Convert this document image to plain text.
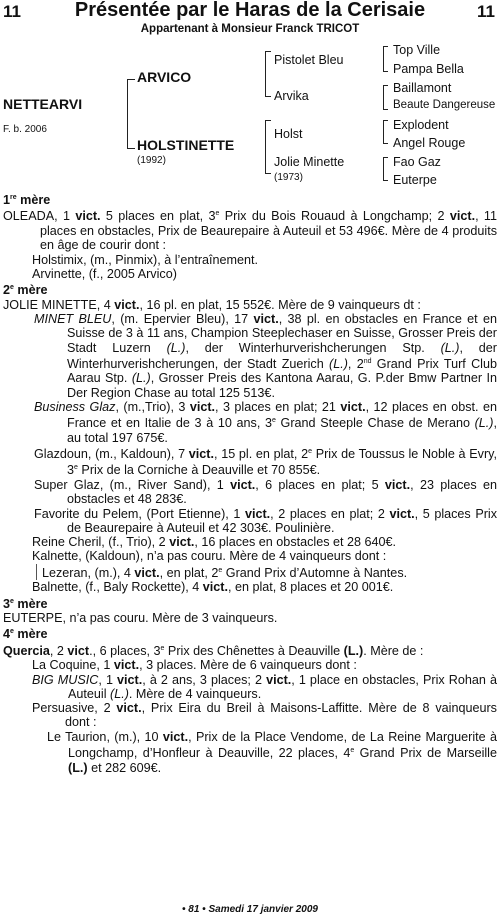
11	Présentée par le Haras de la Cerisaie	11
Appartenant à Monsieur Franck TRICOT
NETTEARVI
F. b. 2006
ARVICO
HOLSTINETTE
(1992)
Pistolet Bleu
Arvika
Holst
Jolie Minette
(1973)
Top Ville
Pampa Bella
Baillamont
Beaute Dangereuse
Explodent
Angel Rouge
Fao Gaz
Euterpe

1re mère

OLEADA, 1 vict. 5 places en plat, 3e Prix du Bois Rouaud à Longchamp; 2 vict., 11 places en obstacles, Prix de Beaurepaire à Auteuil et 53 496€. Mère de 4 produits en âge de courir dont :

Holstimix, (m., Pinmix), à l’entraînement.

Arvinette, (f., 2005 Arvico)

2e mère

JOLIE MINETTE, 4 vict., 16 pl. en plat, 15 552€. Mère de 9 vainqueurs dt :

MINET BLEU, (m. Epervier Bleu), 17 vict., 38 pl. en obstacles en France et en Suisse de 3 à 11 ans, Champion Steeplechaser en Suisse, Grosser Preis der Stadt Luzern (L.), der Winterhurverishcherungen Stp. (L.), der Winterhurverishcherungen, der Stadt Zuerich (L.), 2nd Grand Prix Turf Club Aarau Stp. (L.), Grosser Preis des Kantona Aarau, G. P.der Bmw Partner In Der Region Chase au total 125 513€.

Business Glaz, (m.,Trio), 3 vict., 3 places en plat; 21 vict., 12 places en obst. en France et en Italie de 3 à 10 ans, 3e Grand Steeple Chase de Merano (L.), au total 197 675€.

Glazdoun, (m., Kaldoun), 7 vict., 15 pl. en plat, 2e Prix de Toussus le Noble à Evry, 3e Prix de la Corniche à Deauville et 70 855€.

Super Glaz, (m., River Sand), 1 vict., 6 places en plat; 5 vict., 23 places en obstacles et 48 283€.

Favorite du Pelem, (Port Etienne), 1 vict., 2 places en plat; 2 vict., 5 places Prix de Beaurepaire à Auteuil et 42 303€. Poulinière.

Reine Cheril, (f., Trio), 2 vict., 16 places en obstacles et 28 640€.

Kalnette, (Kaldoun), n’a pas couru. Mère de 4 vainqueurs dont :

Lezeran, (m.), 4 vict., en plat, 2e Grand Prix d’Automne à Nantes.

Balnette, (f., Baly Rockette), 4 vict., en plat, 8 places et 20 001€.

3e mère

EUTERPE, n’a pas couru. Mère de 3 vainqueurs.

4e mère

Quercia, 2 vict., 6 places, 3e Prix des Chênettes à Deauville (L.). Mère de :

La Coquine, 1 vict., 3 places. Mère de 6 vainqueurs dont :

BIG MUSIC, 1 vict., à 2 ans, 3 places; 2 vict., 1 place en obstacles, Prix Rohan à Auteuil (L.). Mère de 4 vainqueurs.

Persuasive, 2 vict., Prix Eira du Breil à Maisons-Laffitte. Mère de 8 vainqueurs dont :

Le Taurion, (m.), 10 vict., Prix de la Place Vendome, de La Reine Marguerite à Longchamp, d’Honfleur à Deauville, 22 places, 4e Grand Prix de Marseille (L.) et 282 609€.

• 81 • Samedi 17 janvier 2009
